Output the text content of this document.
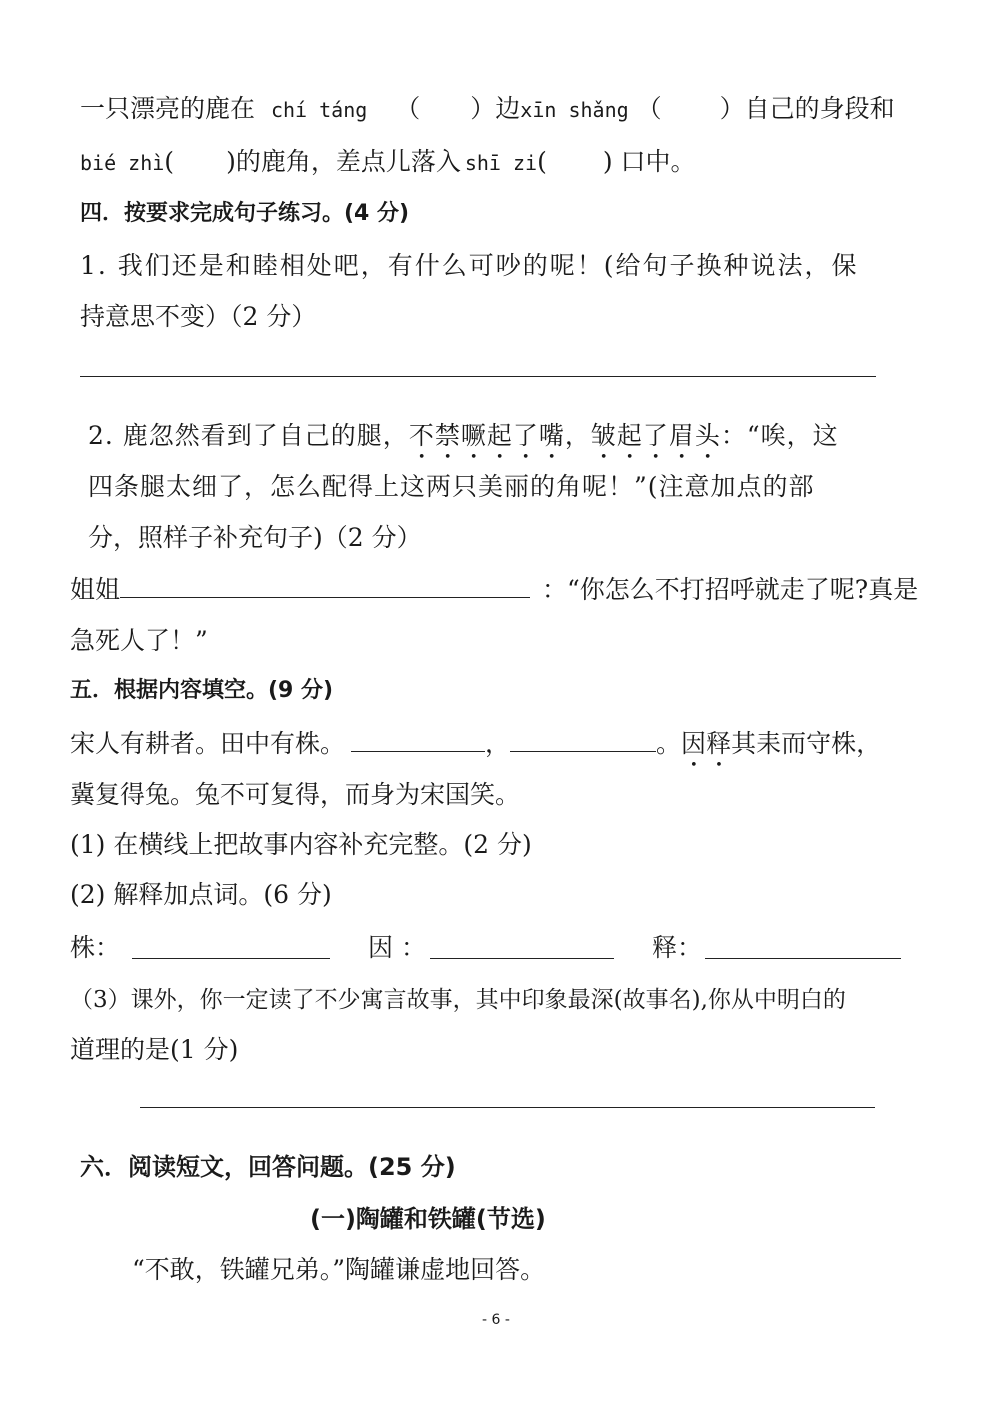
一只漂亮的鹿在 chí táng （ ）边xīn shǎng （ ）自己的身段和
bié zhì( )的鹿角，差点儿落入 shī zi( ) 口中。
四．按要求完成句子练习。(4 分)
1. 我们还是和睦相处吧，有什么可吵的呢！(给句子换种说法，保
持意思不变）（2 分）
2. 鹿忽然看到了自己的腿，不禁噘起了嘴，皱起了眉头：“唉，这
四条腿太细了，怎么配得上这两只美丽的角呢！”(注意加点的部
分，照样子补充句子)（2 分）
姐姐	：“你怎么不打招呼就走了呢?真是
急死人了！”
五．根据内容填空。(9 分)
宋人有耕者。田中有株。	，	。因释其耒而守株，
冀复得兔。兔不可复得，而身为宋国笑。
(1) 在横线上把故事内容补充完整。(2 分)
(2) 解释加点词。(6 分)
株：	因 ：	释：
（3）课外，你一定读了不少寓言故事，其中印象最深(故事名),你从中明白的
道理的是(1 分)
六．阅读短文，回答问题。(25 分)
(一)陶罐和铁罐(节选)
“不敢，铁罐兄弟。”陶罐谦虚地回答。
- 6 -
